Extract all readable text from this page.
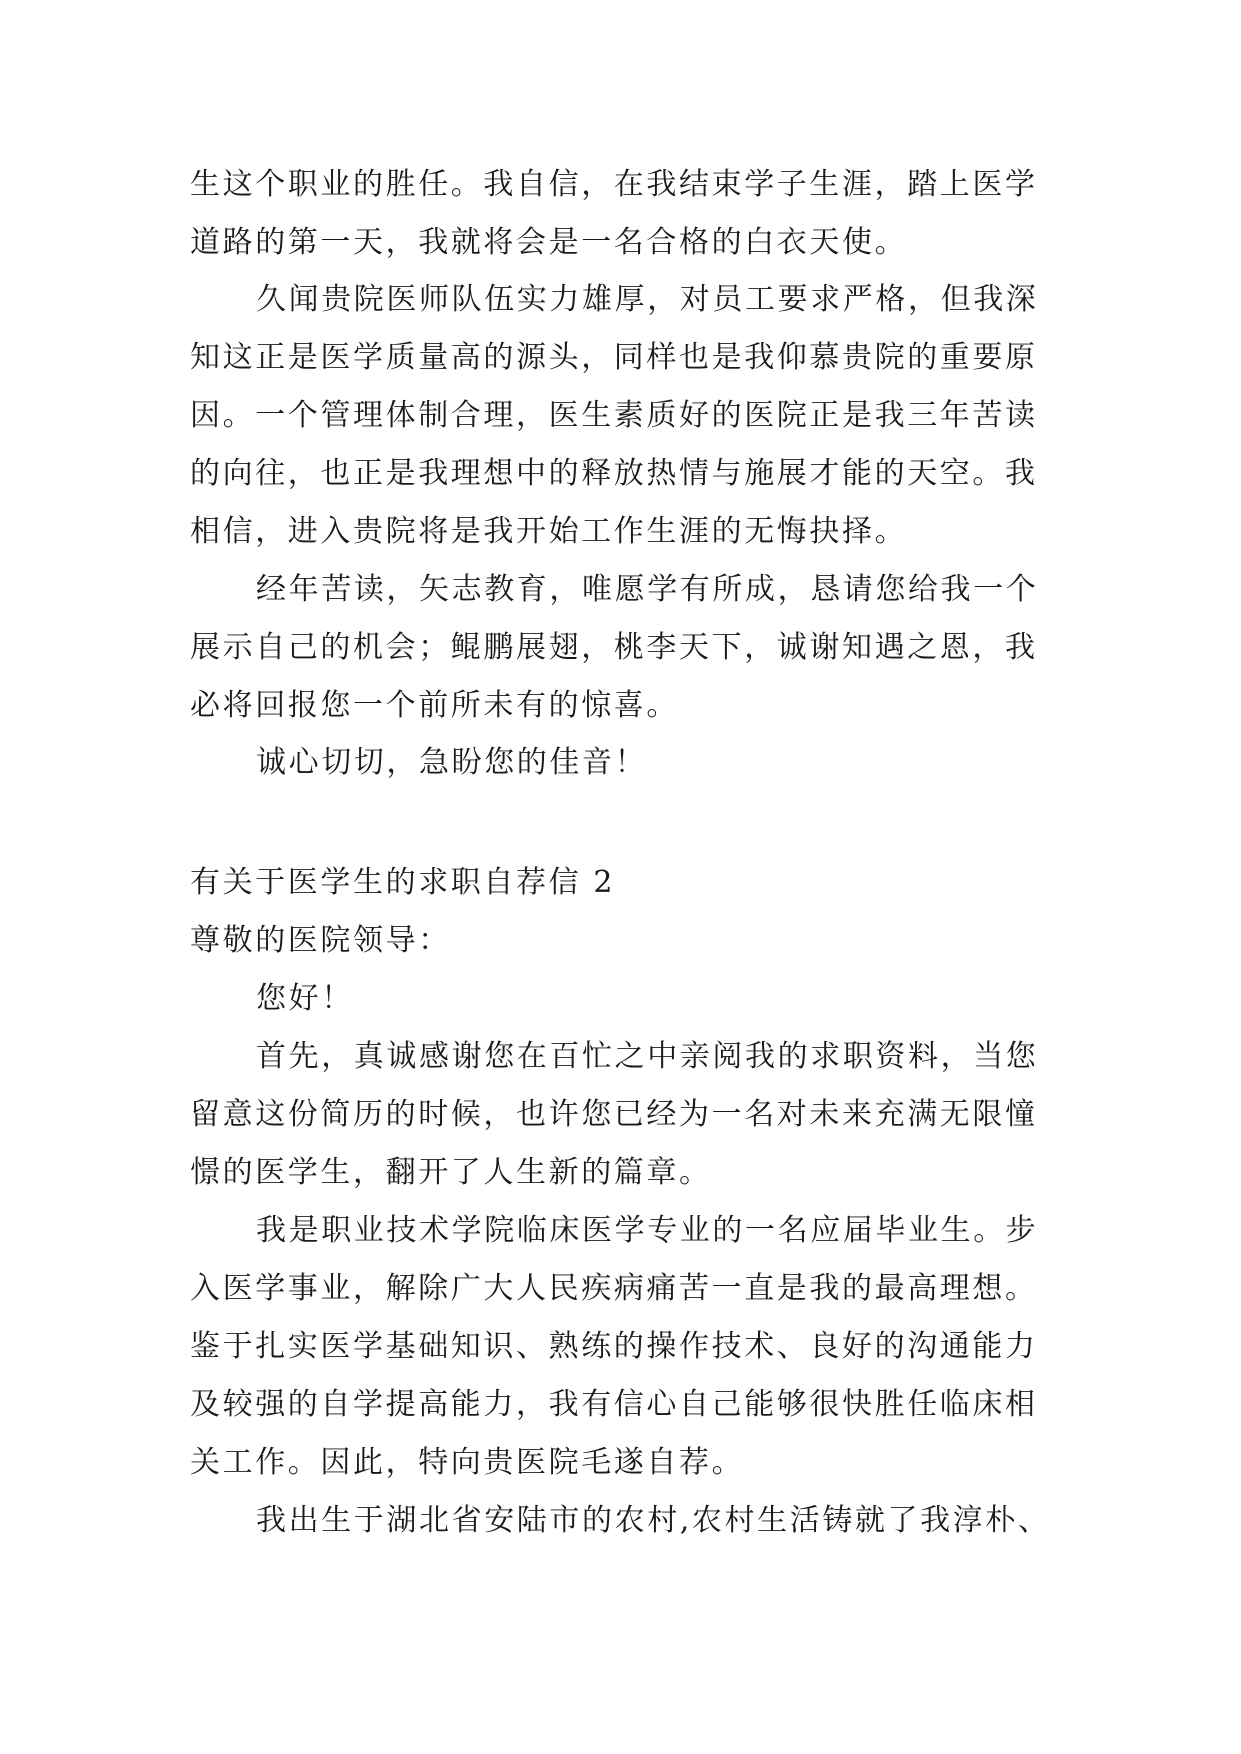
生这个职业的胜任。我自信，在我结束学子生涯，踏上医学
道路的第一天，我就将会是一名合格的白衣天使。
久闻贵院医师队伍实力雄厚，对员工要求严格，但我深
知这正是医学质量高的源头，同样也是我仰慕贵院的重要原
因。一个管理体制合理，医生素质好的医院正是我三年苦读
的向往，也正是我理想中的释放热情与施展才能的天空。我
相信，进入贵院将是我开始工作生涯的无悔抉择。
经年苦读，矢志教育，唯愿学有所成，恳请您给我一个
展示自己的机会；鲲鹏展翅，桃李天下，诚谢知遇之恩，我
必将回报您一个前所未有的惊喜。
诚心切切，急盼您的佳音！
有关于医学生的求职自荐信 2
尊敬的医院领导：
您好！
首先，真诚感谢您在百忙之中亲阅我的求职资料，当您
留意这份简历的时候，也许您已经为一名对未来充满无限憧
憬的医学生，翻开了人生新的篇章。
我是职业技术学院临床医学专业的一名应届毕业生。步
入医学事业，解除广大人民疾病痛苦一直是我的最高理想。
鉴于扎实医学基础知识、熟练的操作技术、良好的沟通能力
及较强的自学提高能力，我有信心自己能够很快胜任临床相
关工作。因此，特向贵医院毛遂自荐。
我出生于湖北省安陆市的农村,农村生活铸就了我淳朴、
